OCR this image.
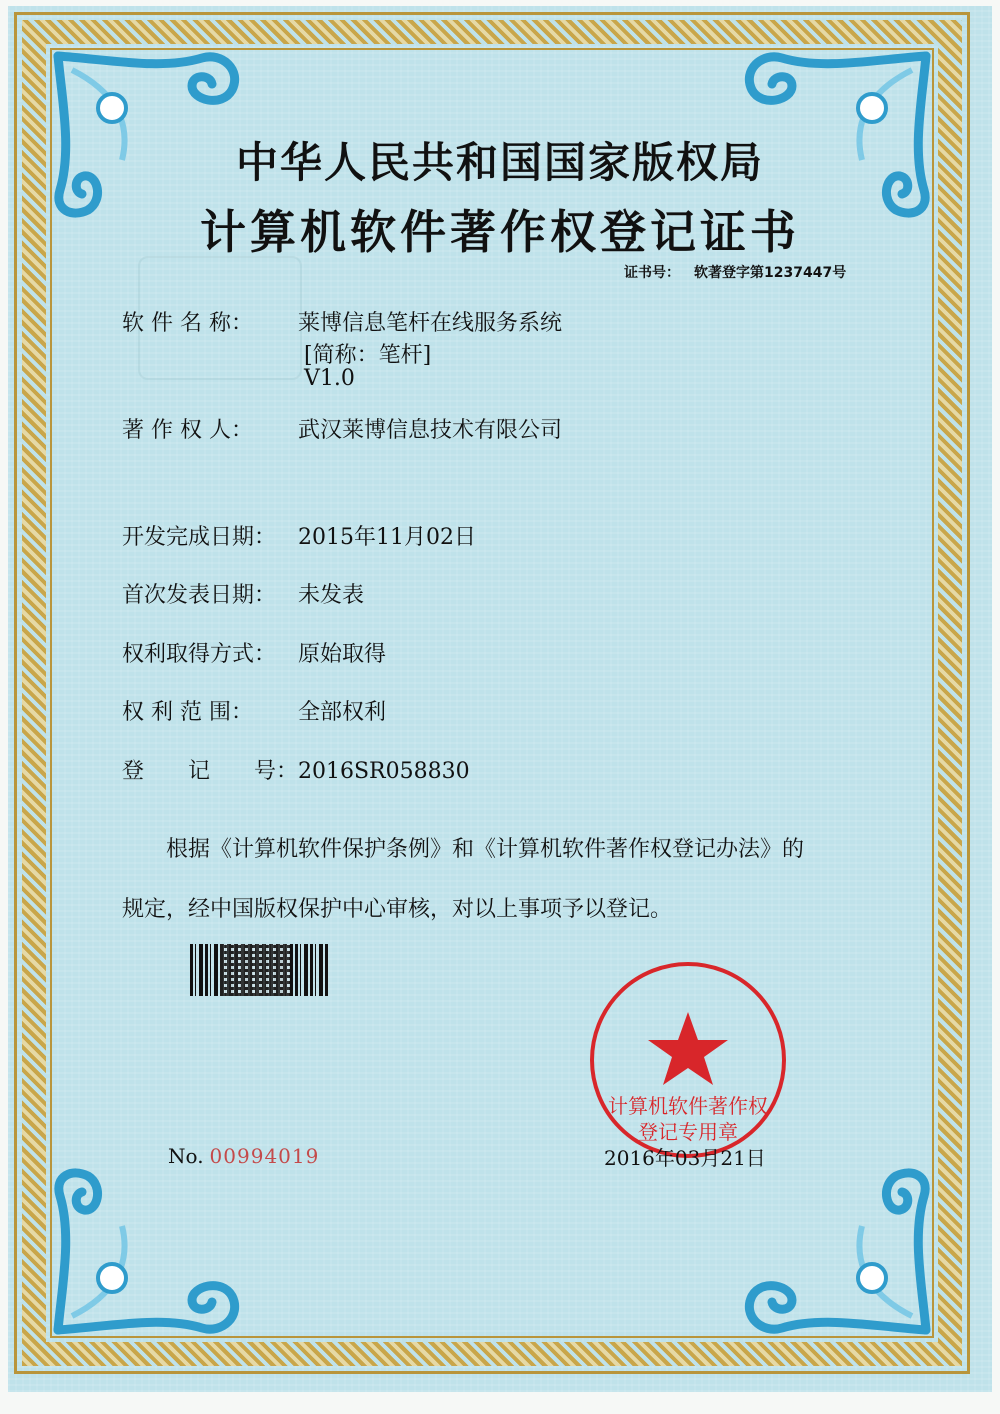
中华人民共和国国家版权局
计算机软件著作权登记证书
证书号： 软著登字第1237447号
软 件 名 称： 莱博信息笔杆在线服务系统
[简称：笔杆]
V1.0
著 作 权 人： 武汉莱博信息技术有限公司
开发完成日期： 2015年11月02日
首次发表日期： 未发表
权利取得方式： 原始取得
权 利 范 围： 全部权利
登　　记　　号：2016SR058830
根据《计算机软件保护条例》和《计算机软件著作权登记办法》的
规定，经中国版权保护中心审核，对以上事项予以登记。
计算机软件著作权
登记专用章
No. 00994019	2016年03月21日
